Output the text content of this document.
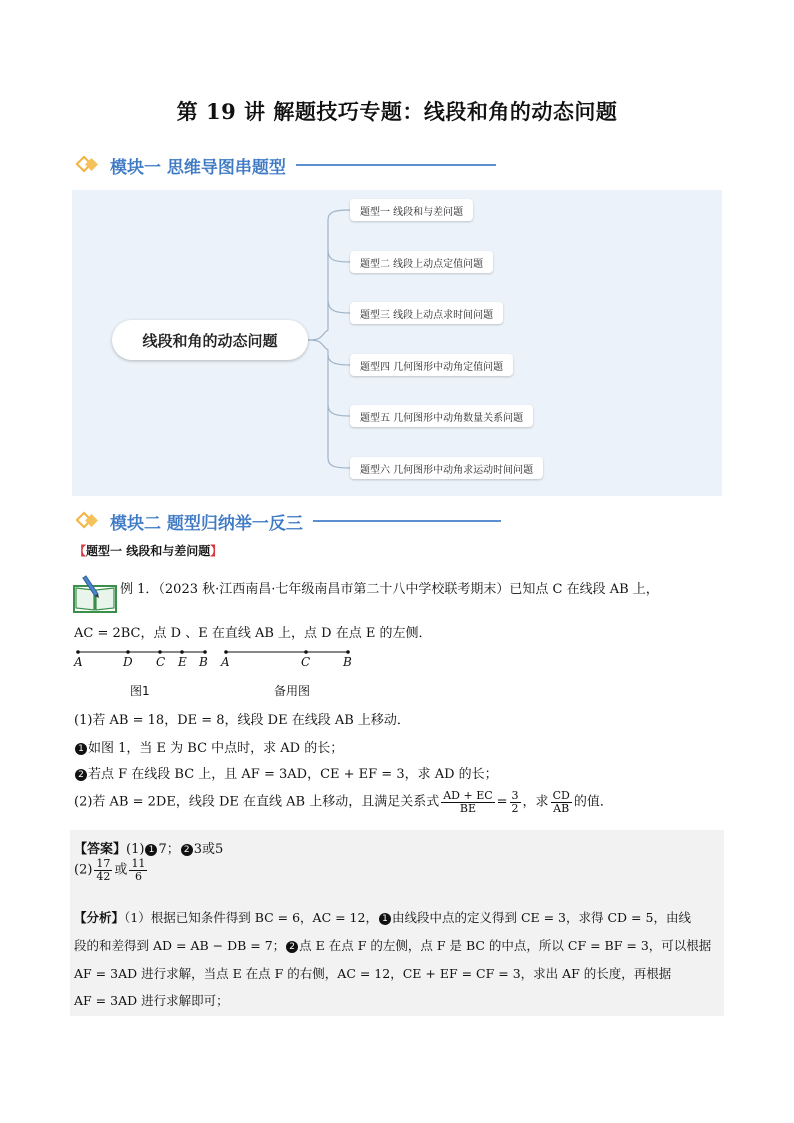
第 19 讲 解题技巧专题：线段和角的动态问题
模块一 思维导图串题型
线段和角的动态问题
题型一 线段和与差问题
题型二 线段上动点定值问题
题型三 线段上动点求时间问题
题型四 几何图形中动角定值问题
题型五 几何图形中动角数量关系问题
题型六 几何图形中动角求运动时间问题
模块二 题型归纳举一反三
【题型一 线段和与差问题】
例 1．（2023 秋·江西南昌·七年级南昌市第二十八中学校联考期末）已知点 C 在线段 AB 上，
AC = 2BC，点 D 、E 在直线 AB 上，点 D 在点 E 的左侧．
A	D C E B A	C	B
图1	备用图
(1)若 AB = 18，DE = 8，线段 DE 在线段 AB 上移动．
1 如图 1，当 E 为 BC 中点时，求 AD 的长；
2 若点 F 在线段 BC 上，且 AF = 3AD，CE + EF = 3，求 AD 的长；
(2)若 AB = 2DE，线段 DE 在直线 AB 上移动，且满足关系式 $\frac{AD + EC}{BE} = \frac{3}{2}$ ，求 $\frac{CD}{AB}$ 的值．
【答案】(1) 1 7； 2 3或5
$(2) \frac{17}{42}$ 或 $\frac{11}{6}$
【分析】（1）根据已知条件得到 BC = 6，AC = 12， 1 由线段中点的定义得到 CE = 3，求得 CD = 5，由线
段的和差得到 AD = AB − DB = 7； 2 点 E 在点 F 的左侧，点 F 是 BC 的中点，所以 CF = BF = 3，可以根据
AF = 3AD 进行求解，当点 E 在点 F 的右侧，AC = 12，CE + EF = CF = 3，求出 AF 的长度，再根据
AF = 3AD 进行求解即可；
